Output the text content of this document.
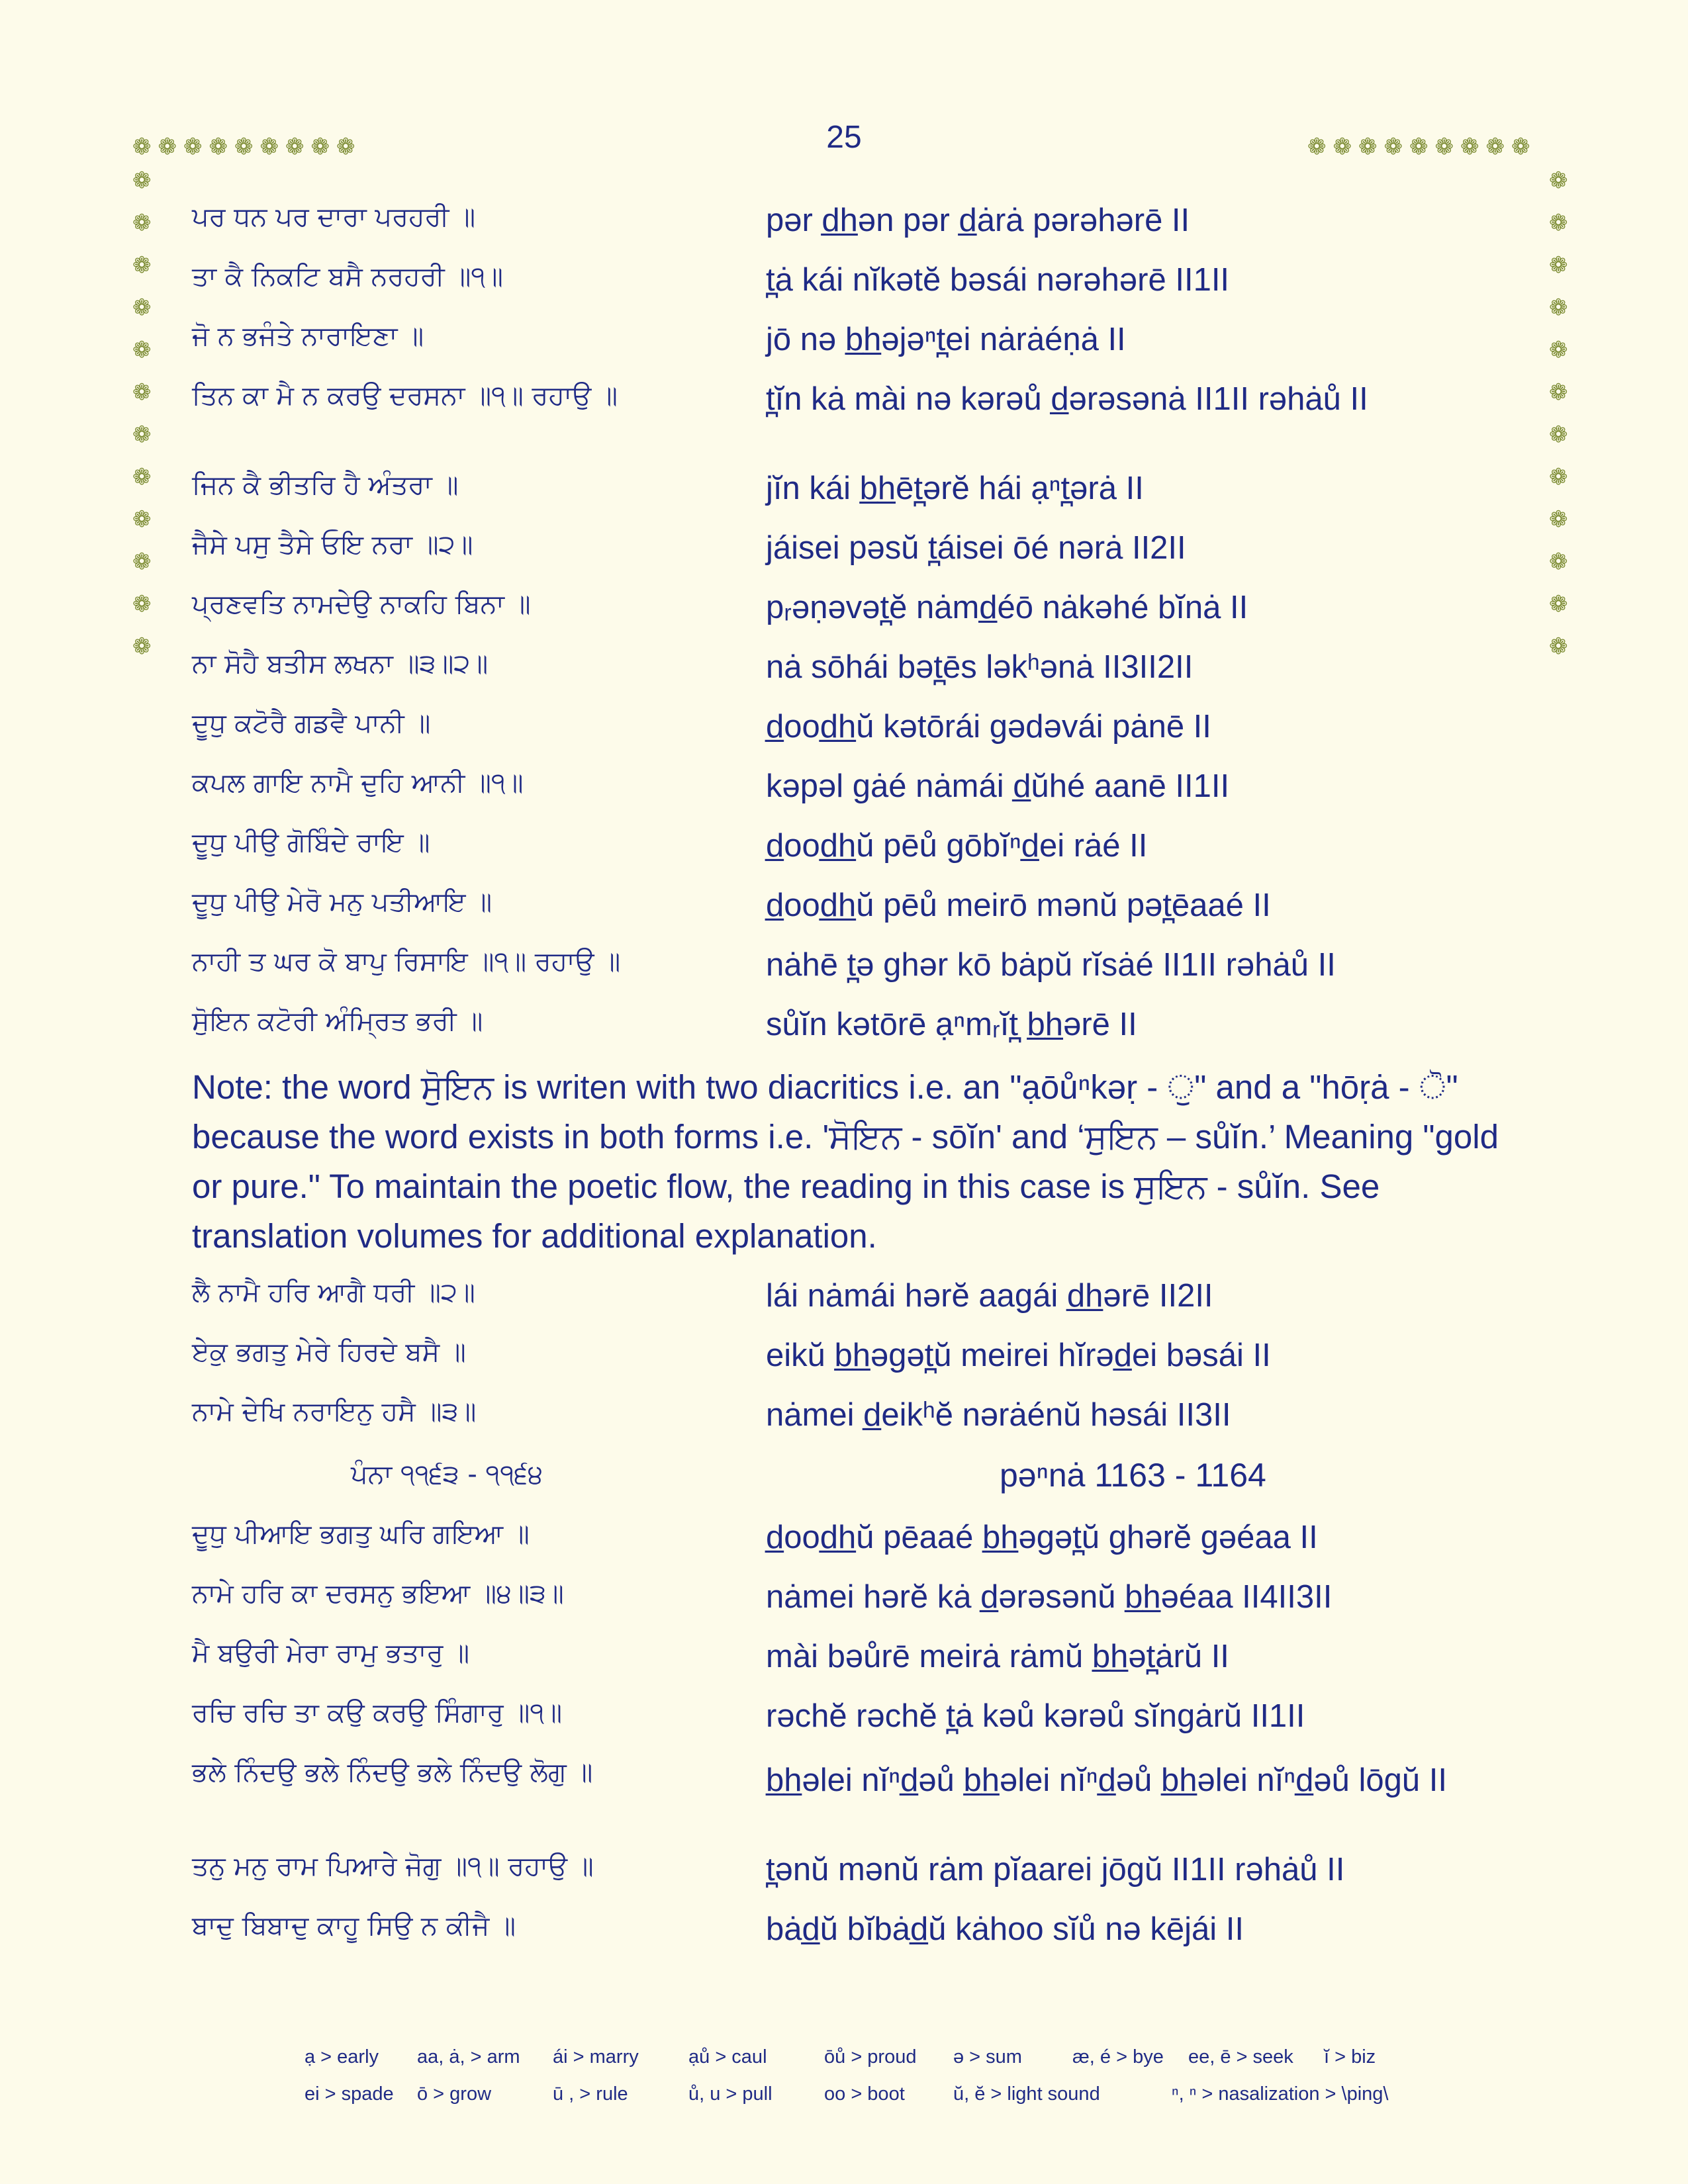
25
❁ ❁ ❁ ❁ ❁ ❁ ❁ ❁ ❁	❁ ❁ ❁ ❁ ❁ ❁ ❁ ❁ ❁
❁
❁
❁
❁
❁
❁
❁
❁
❁
❁
❁
❁
❁
❁
❁
❁
❁
❁
❁
❁
❁
❁
❁
❁
ਪਰ ਧਨ ਪਰ ਦਾਰਾ ਪਰਹਰੀ ॥	pər d̲h̲ən pər d̲ȧrȧ pərəhərē II
ਤਾ ਕੈ ਨਿਕਟਿ ਬਸੈ ਨਰਹਰੀ ॥੧॥	t̪ȧ kái nĭkətĕ bəsái nərəhərē II1II
ਜੋ ਨ ਭਜੰਤੇ ਨਾਰਾਇਣਾ ॥	jō nə b̲h̲əjəⁿt̪ei nȧrȧéṇȧ II
ਤਿਨ ਕਾ ਮੈ ਨ ਕਰਉ ਦਰਸਨਾ ॥੧॥ ਰਹਾਉ ॥	t̪ĭn kȧ mài nə kərəů d̲ərəsənȧ II1II rəhȧů II
ਜਿਨ ਕੈ ਭੀਤਰਿ ਹੈ ਅੰਤਰਾ ॥	jĭn kái b̲h̲ēt̪ərĕ hái ạⁿt̪ərȧ II
ਜੈਸੇ ਪਸੁ ਤੈਸੇ ਓਇ ਨਰਾ ॥੨॥	jáisei pəsŭ t̪áisei ōé nərȧ II2II
ਪ੍ਰਣਵਤਿ ਨਾਮਦੇਉ ਨਾਕਹਿ ਬਿਨਾ ॥	pᵣəṇəvət̪ĕ nȧmd̲éō nȧkəhé bĭnȧ II
ਨਾ ਸੋਹੈ ਬਤੀਸ ਲਖਨਾ ॥੩॥੨॥	nȧ sōhái bət̪ēs ləkʰənȧ II3II2II
ਦੂਧੁ ਕਟੋਰੈ ਗਡਵੈ ਪਾਨੀ ॥	d̲ood̲h̲ŭ kətōrái gədəvái pȧnē II
ਕਪਲ ਗਾਇ ਨਾਮੈ ਦੁਹਿ ਆਨੀ ॥੧॥	kəpəl gȧé nȧmái d̲ŭhé aanē II1II
ਦੂਧੁ ਪੀਉ ਗੋਬਿੰਦੇ ਰਾਇ ॥	d̲ood̲h̲ŭ pēů gōbĭⁿd̲ei rȧé II
ਦੂਧੁ ਪੀਉ ਮੇਰੋ ਮਨੁ ਪਤੀਆਇ ॥	d̲ood̲h̲ŭ pēů meirō mənŭ pət̪ēaaé II
ਨਾਹੀ ਤ ਘਰ ਕੋ ਬਾਪੁ ਰਿਸਾਇ ॥੧॥ ਰਹਾਉ ॥	nȧhē t̪ə ghər kō bȧpŭ rĭsȧé II1II rəhȧů II
ਸੁੋਇਨ ਕਟੋਰੀ ਅੰਮ੍ਰਿਤ ਭਰੀ ॥	sůĭn kətōrē ạⁿmᵣĭt̪ b̲h̲ərē II
Note: the word ਸੁੋਇਨ is writen with two diacritics i.e. an "ạōůⁿkəṛ - ੁ" and a "hōṛȧ - ੋ" because the word exists in both forms i.e. 'ਸੋਇਨ - sōĭn' and ‘ਸੁਇਨ – sůĭn.’ Meaning "gold or pure." To maintain the poetic flow, the reading in this case is ਸੁਇਨ - sůĭn. See translation volumes for additional explanation.
ਲੈ ਨਾਮੈ ਹਰਿ ਆਗੈ ਧਰੀ ॥੨॥	lái nȧmái hərĕ aagái d̲h̲ərē II2II
ਏਕੁ ਭਗਤੁ ਮੇਰੇ ਹਿਰਦੇ ਬਸੈ ॥	eikŭ b̲h̲əgət̪ŭ meirei hĭrəd̲ei bəsái II
ਨਾਮੇ ਦੇਖਿ ਨਰਾਇਨੁ ਹਸੈ ॥੩॥	nȧmei d̲eikʰĕ nərȧénŭ həsái II3II
ਪੰਨਾ ੧੧੬੩ - ੧੧੬੪	pəⁿnȧ 1163 - 1164
ਦੂਧੁ ਪੀਆਇ ਭਗਤੁ ਘਰਿ ਗਇਆ ॥	d̲ood̲h̲ŭ pēaaé b̲h̲əgət̪ŭ ghərĕ gəéaa II
ਨਾਮੇ ਹਰਿ ਕਾ ਦਰਸਨੁ ਭਇਆ ॥੪॥੩॥	nȧmei hərĕ kȧ d̲ərəsənŭ b̲h̲əéaa II4II3II
ਮੈ ਬਉਰੀ ਮੇਰਾ ਰਾਮੁ ਭਤਾਰੁ ॥	mài bəůrē meirȧ rȧmŭ b̲h̲ət̪ȧrŭ II
ਰਚਿ ਰਚਿ ਤਾ ਕਉ ਕਰਉ ਸਿੰਗਾਰੁ ॥੧॥	rəchĕ rəchĕ t̪ȧ kəů kərəů sĭngȧrŭ II1II
ਭਲੇ ਨਿੰਦਉ ਭਲੇ ਨਿੰਦਉ ਭਲੇ ਨਿੰਦਉ ਲੋਗੁ ॥	b̲h̲əlei nĭⁿd̲əů b̲h̲əlei nĭⁿd̲əů b̲h̲əlei nĭⁿd̲əů lōgŭ II
ਤਨੁ ਮਨੁ ਰਾਮ ਪਿਆਰੇ ਜੋਗੁ ॥੧॥ ਰਹਾਉ ॥	t̪ənŭ mənŭ rȧm pĭaarei jōgŭ II1II rəhȧů II
ਬਾਦੁ ਬਿਬਾਦੁ ਕਾਹੂ ਸਿਉ ਨ ਕੀਜੈ ॥	bȧd̲ŭ bĭbȧd̲ŭ kȧhoo sĭů nə kējái II
ạ > early	aa, ȧ, > arm	ái > marry	ạů > caul	ōů > proud	ə > sum	æ, é > bye	ee, ē > seek	ĭ > biz
ei > spade	ō > grow	ū , > rule	ů, u > pull	oo > boot	ŭ, ĕ > light sound	ⁿ, ⁿ > nasalization > \ping\
